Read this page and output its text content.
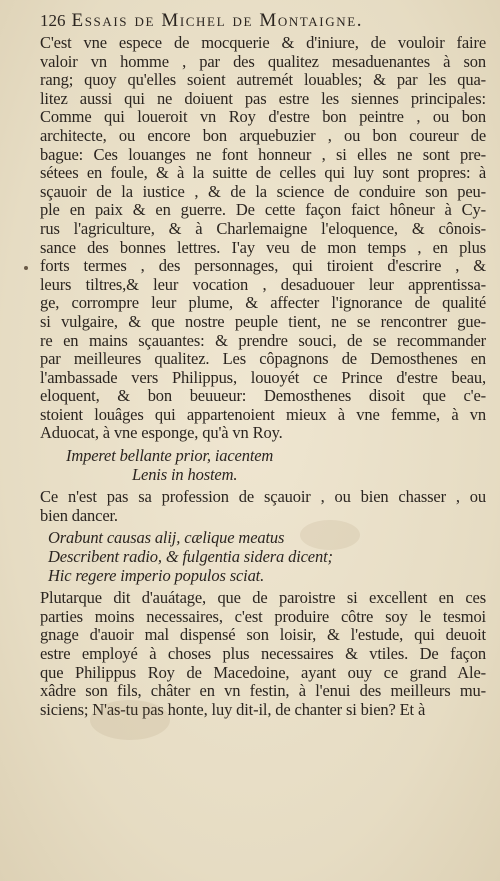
126 Essais de Michel de Montaigne.
C'est vne espece de mocquerie & d'iniure, de vouloir faire
valoir vn homme , par des qualitez mesaduenantes à son
rang; quoy qu'elles soient autremét louables; & par les qua-
litez aussi qui ne doiuent pas estre les siennes principales:
Comme qui loueroit vn Roy d'estre bon peintre , ou bon
architecte, ou encore bon arquebuzier , ou bon coureur de
bague: Ces louanges ne font honneur , si elles ne sont pre-
sétees en foule, & à la suitte de celles qui luy sont propres: à
sçauoir de la iustice , & de la science de conduire son peu-
ple en paix & en guerre. De cette façon faict hôneur à Cy-
rus l'agriculture, & à Charlemaigne l'eloquence, & cônois-
sance des bonnes lettres. I'ay veu de mon temps , en plus
forts termes , des personnages, qui tiroient d'escrire , &
leurs tiltres,& leur vocation , desaduouer leur apprentissa-
ge, corrompre leur plume, & affecter l'ignorance de qualité
si vulgaire, & que nostre peuple tient, ne se rencontrer gue-
re en mains sçauantes: & prendre souci, de se recommander
par meilleures qualitez. Les côpagnons de Demosthenes en
l'ambassade vers Philippus, louoyét ce Prince d'estre beau,
eloquent, & bon beuueur: Demosthenes disoit que c'e-
stoient louâges qui appartenoient mieux à vne femme, à vn
Aduocat, à vne esponge, qu'à vn Roy.
Imperet bellante prior, iacentem
Lenis in hostem.
Ce n'est pas sa profession de sçauoir , ou bien chasser , ou
bien dancer.
Orabunt causas alij, cælique meatus
Describent radio, & fulgentia sidera dicent;
Hic regere imperio populos sciat.
Plutarque dit d'auátage, que de paroistre si excellent en ces
parties moins necessaires, c'est produire côtre soy le tesmoi
gnage d'auoir mal dispensé son loisir, & l'estude, qui deuoit
estre employé à choses plus necessaires & vtiles. De façon
que Philippus Roy de Macedoine, ayant ouy ce grand Ale-
xâdre son fils, châter en vn festin, à l'enui des meilleurs mu-
siciens; N'as-tu pas honte, luy dit-il, de chanter si bien? Et à
